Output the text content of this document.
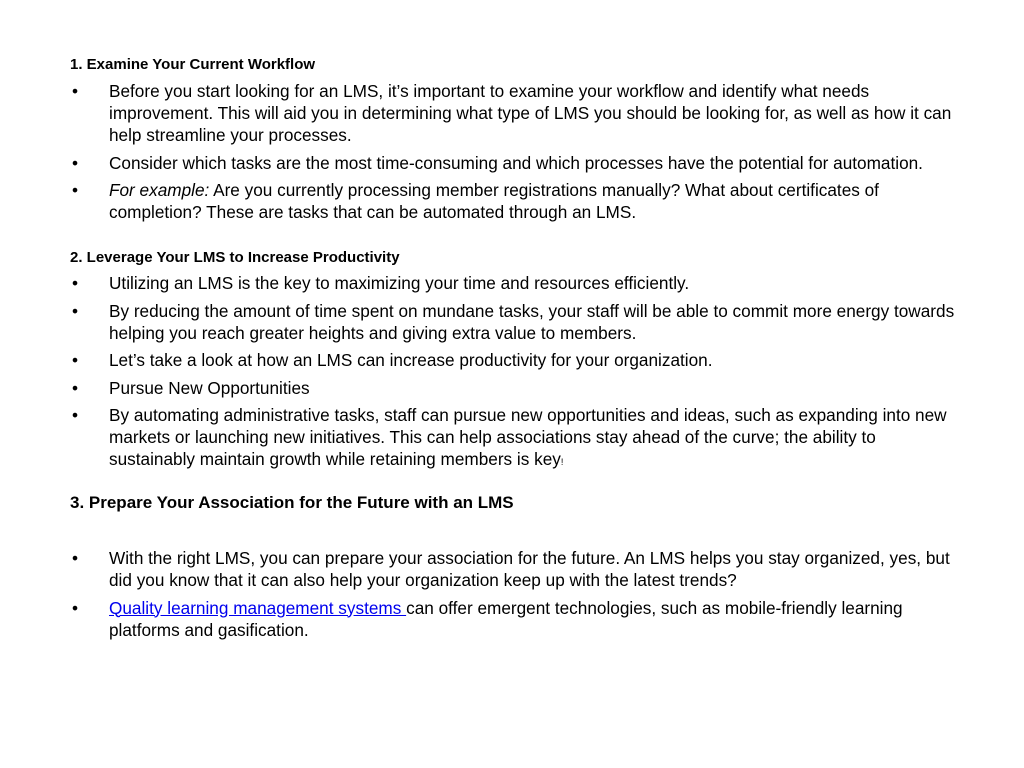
1. Examine Your Current Workflow
• Before you start looking for an LMS, it’s important to examine your workflow and identify what needs improvement. This will aid you in determining what type of LMS you should be looking for, as well as how it can help streamline your processes.
• Consider which tasks are the most time-consuming and which processes have the potential for automation.
• For example: Are you currently processing member registrations manually? What about certificates of completion? These are tasks that can be automated through an LMS.
2. Leverage Your LMS to Increase Productivity
• Utilizing an LMS is the key to maximizing your time and resources efficiently.
• By reducing the amount of time spent on mundane tasks, your staff will be able to commit more energy towards helping you reach greater heights and giving extra value to members.
• Let’s take a look at how an LMS can increase productivity for your organization.
• Pursue New Opportunities
• By automating administrative tasks, staff can pursue new opportunities and ideas, such as expanding into new markets or launching new initiatives. This can help associations stay ahead of the curve; the ability to sustainably maintain growth while retaining members is key!
3. Prepare Your Association for the Future with an LMS
• With the right LMS, you can prepare your association for the future. An LMS helps you stay organized, yes, but did you know that it can also help your organization keep up with the latest trends?
• Quality learning management systems can offer emergent technologies, such as mobile-friendly learning platforms and gasification.
